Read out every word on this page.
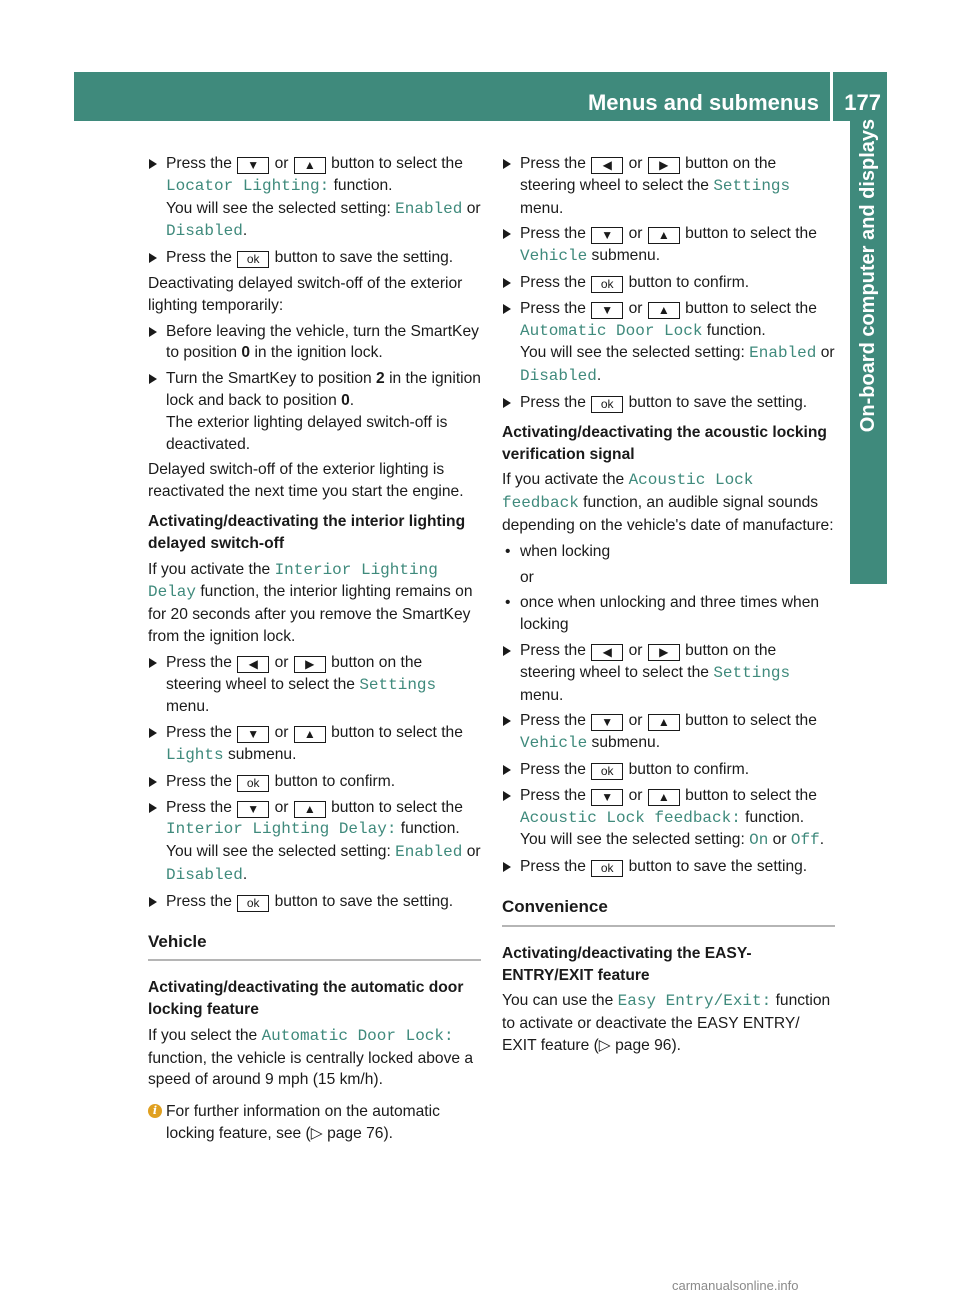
Menus and submenus 177
On-board computer and displays
Press the ▼ or ▲ button to select the Locator Lighting: function.
You will see the selected setting: Enabled or Disabled.
Press the ok button to save the setting.

Deactivating delayed switch-off of the exterior lighting temporarily:

Before leaving the vehicle, turn the SmartKey to position 0 in the ignition lock.
Turn the SmartKey to position 2 in the ignition lock and back to position 0.
The exterior lighting delayed switch-off is deactivated.

Delayed switch-off of the exterior lighting is reactivated the next time you start the engine.

Activating/deactivating the interior lighting delayed switch-off

If you activate the Interior Lighting Delay function, the interior lighting remains on for 20 seconds after you remove the SmartKey from the ignition lock.

Press the ◀ or ▶ button on the steering wheel to select the Settings menu.
Press the ▼ or ▲ button to select the Lights submenu.
Press the ok button to confirm.
Press the ▼ or ▲ button to select the Interior Lighting Delay: function.
You will see the selected setting: Enabled or Disabled.
Press the ok button to save the setting.
Vehicle
Activating/deactivating the automatic door locking feature

If you select the Automatic Door Lock: function, the vehicle is centrally locked above a speed of around 9 mph (15 km/h).

i For further information on the automatic locking feature, see (▷ page 76).
Press the ◀ or ▶ button on the steering wheel to select the Settings menu.
Press the ▼ or ▲ button to select the Vehicle submenu.
Press the ok button to confirm.
Press the ▼ or ▲ button to select the Automatic Door Lock function.
You will see the selected setting: Enabled or Disabled.
Press the ok button to save the setting.
Activating/deactivating the acoustic locking verification signal

If you activate the Acoustic Lock feedback function, an audible signal sounds depending on the vehicle's date of manufacture:

• when locking
or
• once when unlocking and three times when locking
Press the ◀ or ▶ button on the steering wheel to select the Settings menu.
Press the ▼ or ▲ button to select the Vehicle submenu.
Press the ok button to confirm.
Press the ▼ or ▲ button to select the Acoustic Lock feedback: function.
You will see the selected setting: On or Off.
Press the ok button to save the setting.
Convenience
Activating/deactivating the EASY-ENTRY/EXIT feature

You can use the Easy Entry/Exit: function to activate or deactivate the EASY ENTRY/ EXIT feature (▷ page 96).

carmanualsonline.info
